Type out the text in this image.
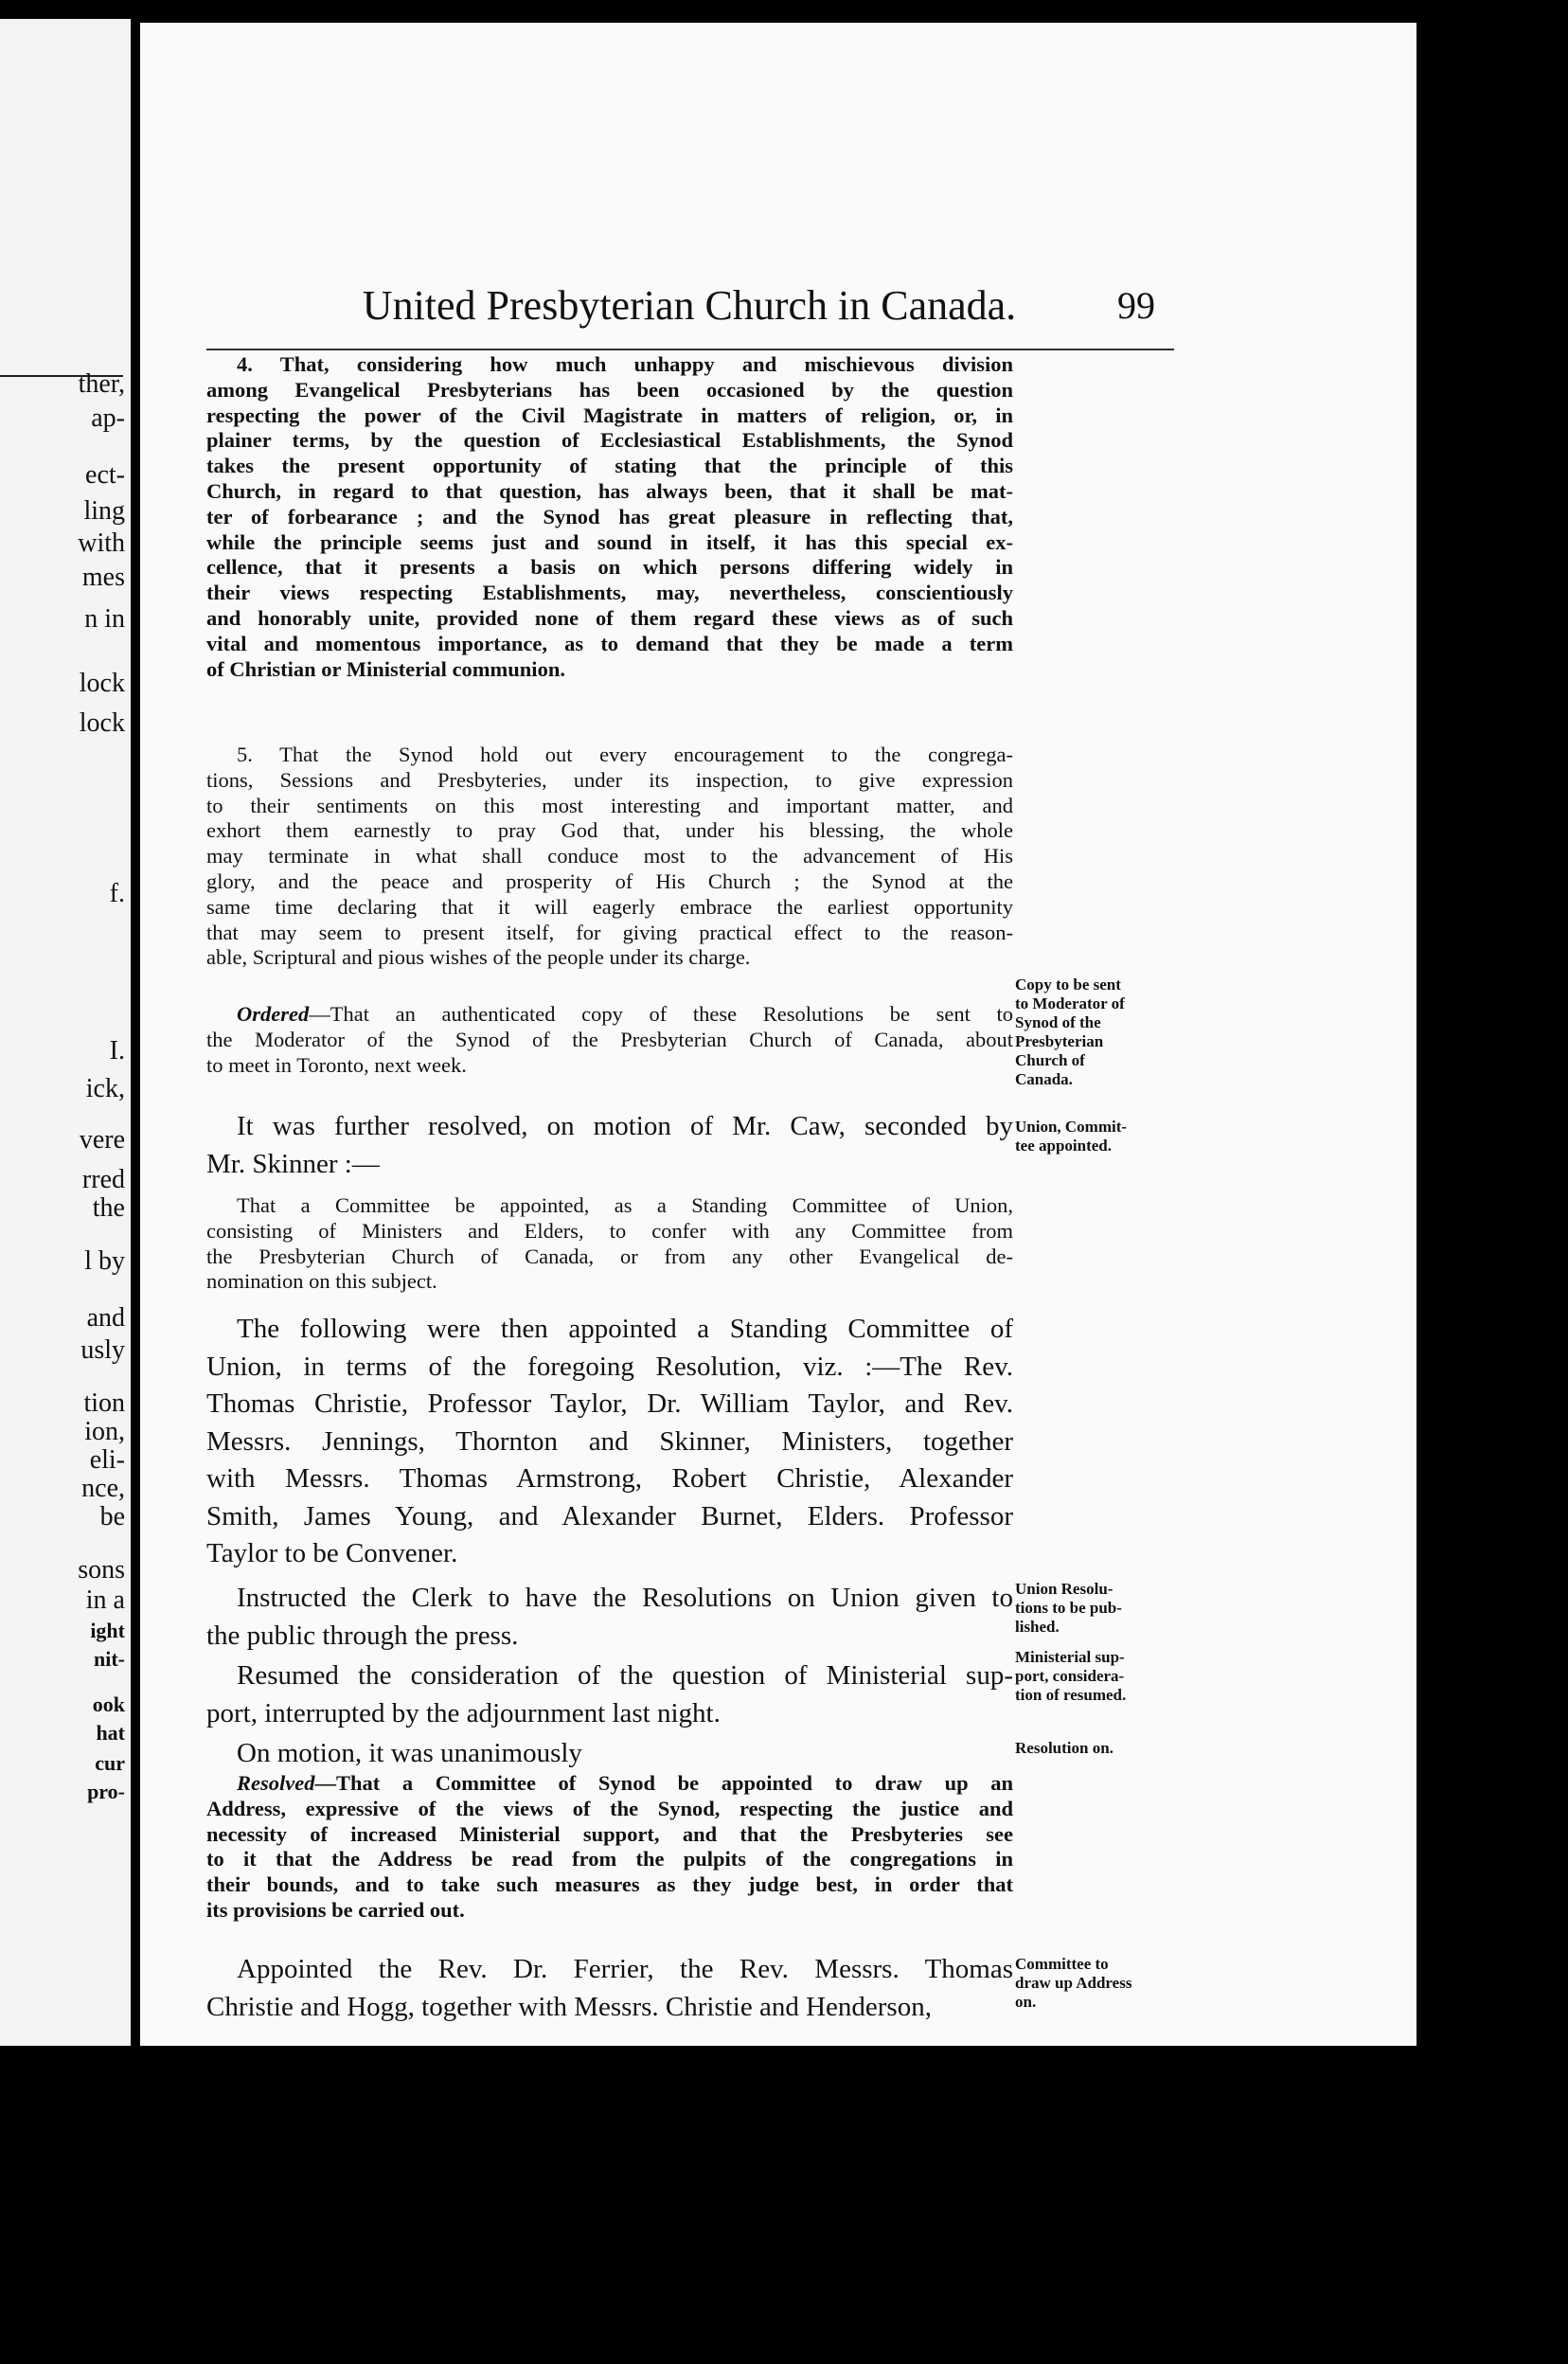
ther,
ap-
ect-
ling
with
mes
n in
lock
lock
f.
I.
ick,
vere
rred
the
l by
and
usly
tion
ion,
eli-
nce,
be
sons
in a
ight
nit-
ook
hat
cur
pro-
United Presbyterian Church in Canada.	99
4. That, considering how much unhappy and mischievous division
among Evangelical Presbyterians has been occasioned by the question
respecting the power of the Civil Magistrate in matters of religion, or, in
plainer terms, by the question of Ecclesiastical Establishments, the Synod
takes the present opportunity of stating that the principle of this
Church, in regard to that question, has always been, that it shall be mat-
ter of forbearance ; and the Synod has great pleasure in reflecting that,
while the principle seems just and sound in itself, it has this special ex-
cellence, that it presents a basis on which persons differing widely in
their views respecting Establishments, may, nevertheless, conscientiously
and honorably unite, provided none of them regard these views as of such
vital and momentous importance, as to demand that they be made a term
of Christian or Ministerial communion.
5. That the Synod hold out every encouragement to the congrega-
tions, Sessions and Presbyteries, under its inspection, to give expression
to their sentiments on this most interesting and important matter, and
exhort them earnestly to pray God that, under his blessing, the whole
may terminate in what shall conduce most to the advancement of His
glory, and the peace and prosperity of His Church ; the Synod at the
same time declaring that it will eagerly embrace the earliest opportunity
that may seem to present itself, for giving practical effect to the reason-
able, Scriptural and pious wishes of the people under its charge.
Ordered—That an authenticated copy of these Resolutions be sent to
the Moderator of the Synod of the Presbyterian Church of Canada, about
to meet in Toronto, next week.
It was further resolved, on motion of Mr. Caw, seconded by
Mr. Skinner :—
That a Committee be appointed, as a Standing Committee of Union,
consisting of Ministers and Elders, to confer with any Committee from
the Presbyterian Church of Canada, or from any other Evangelical de-
nomination on this subject.
The following were then appointed a Standing Committee of
Union, in terms of the foregoing Resolution, viz. :—The Rev.
Thomas Christie, Professor Taylor, Dr. William Taylor, and Rev.
Messrs. Jennings, Thornton and Skinner, Ministers, together
with Messrs. Thomas Armstrong, Robert Christie, Alexander
Smith, James Young, and Alexander Burnet, Elders. Professor
Taylor to be Convener.
Instructed the Clerk to have the Resolutions on Union given to
the public through the press.
Resumed the consideration of the question of Ministerial sup-
port, interrupted by the adjournment last night.
On motion, it was unanimously
Resolved—That a Committee of Synod be appointed to draw up an
Address, expressive of the views of the Synod, respecting the justice and
necessity of increased Ministerial support, and that the Presbyteries see
to it that the Address be read from the pulpits of the congregations in
their bounds, and to take such measures as they judge best, in order that
its provisions be carried out.
Appointed the Rev. Dr. Ferrier, the Rev. Messrs. Thomas
Christie and Hogg, together with Messrs. Christie and Henderson,
Copy to be sent
to Moderator of
Synod of the
Presbyterian
Church of
Canada.
Union, Commit-
tee appointed.
Union Resolu-
tions to be pub-
lished.
Ministerial sup-
port, considera-
tion of resumed.
Resolution on.
Committee to
draw up Address
on.
